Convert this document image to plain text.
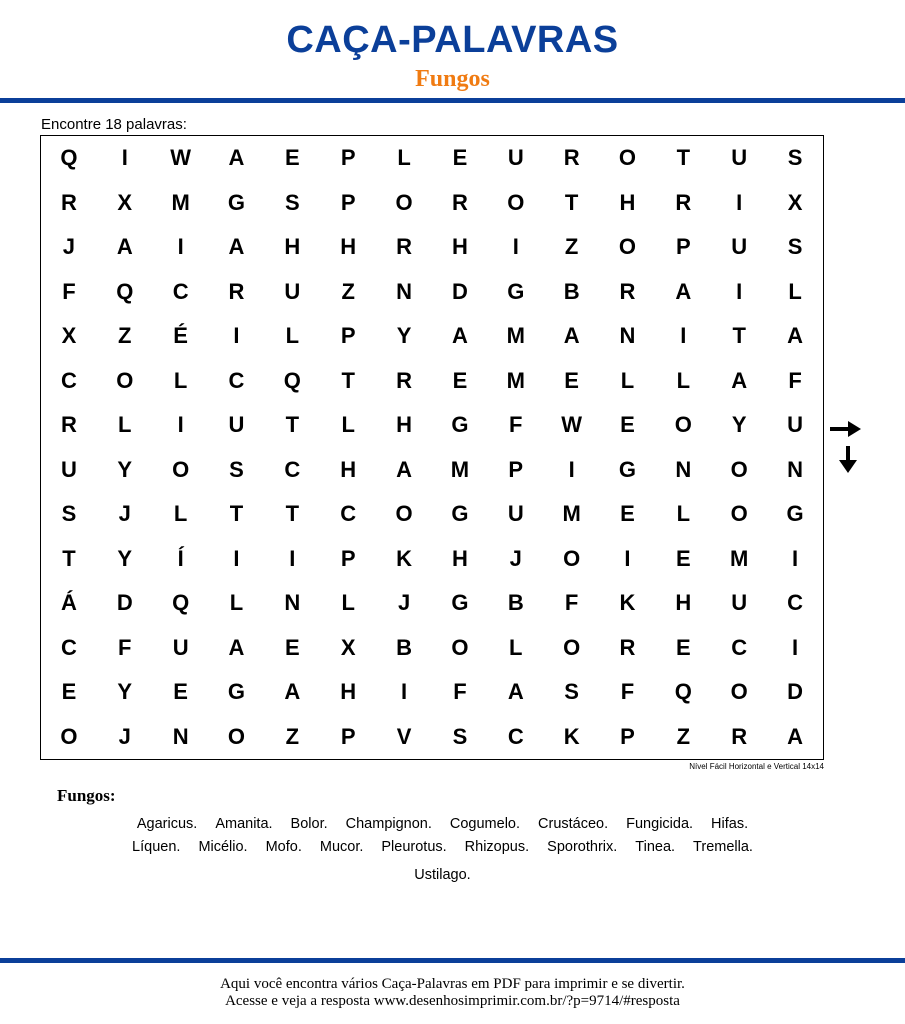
CAÇA-PALAVRAS
Fungos
Encontre 18 palavras:
Q	I	W	A	E	P	L	E	U	R	O	T	U	S
R	X	M	G	S	P	O	R	O	T	H	R	I	X
J	A	I	A	H	H	R	H	I	Z	O	P	U	S
F	Q	C	R	U	Z	N	D	G	B	R	A	I	L
X	Z	É	I	L	P	Y	A	M	A	N	I	T	A
C	O	L	C	Q	T	R	E	M	E	L	L	A	F
R	L	I	U	T	L	H	G	F	W	E	O	Y	U
U	Y	O	S	C	H	A	M	P	I	G	N	O	N
S	J	L	T	T	C	O	G	U	M	E	L	O	G
T	Y	Í	I	I	P	K	H	J	O	I	E	M	I
Á	D	Q	L	N	L	J	G	B	F	K	H	U	C
C	F	U	A	E	X	B	O	L	O	R	E	C	I
E	Y	E	G	A	H	I	F	A	S	F	Q	O	D
O	J	N	O	Z	P	V	S	C	K	P	Z	R	A
Nível Fácil Horizontal e Vertical 14x14
Fungos:
Agaricus. Amanita. Bolor. Champignon. Cogumelo. Crustáceo. Fungicida. Hifas.
Líquen. Micélio. Mofo. Mucor. Pleurotus. Rhizopus. Sporothrix. Tinea. Tremella.
Ustilago.
Aqui você encontra vários Caça-Palavras em PDF para imprimir e se divertir.
Acesse e veja a resposta www.desenhosimprimir.com.br/?p=9714/#resposta
